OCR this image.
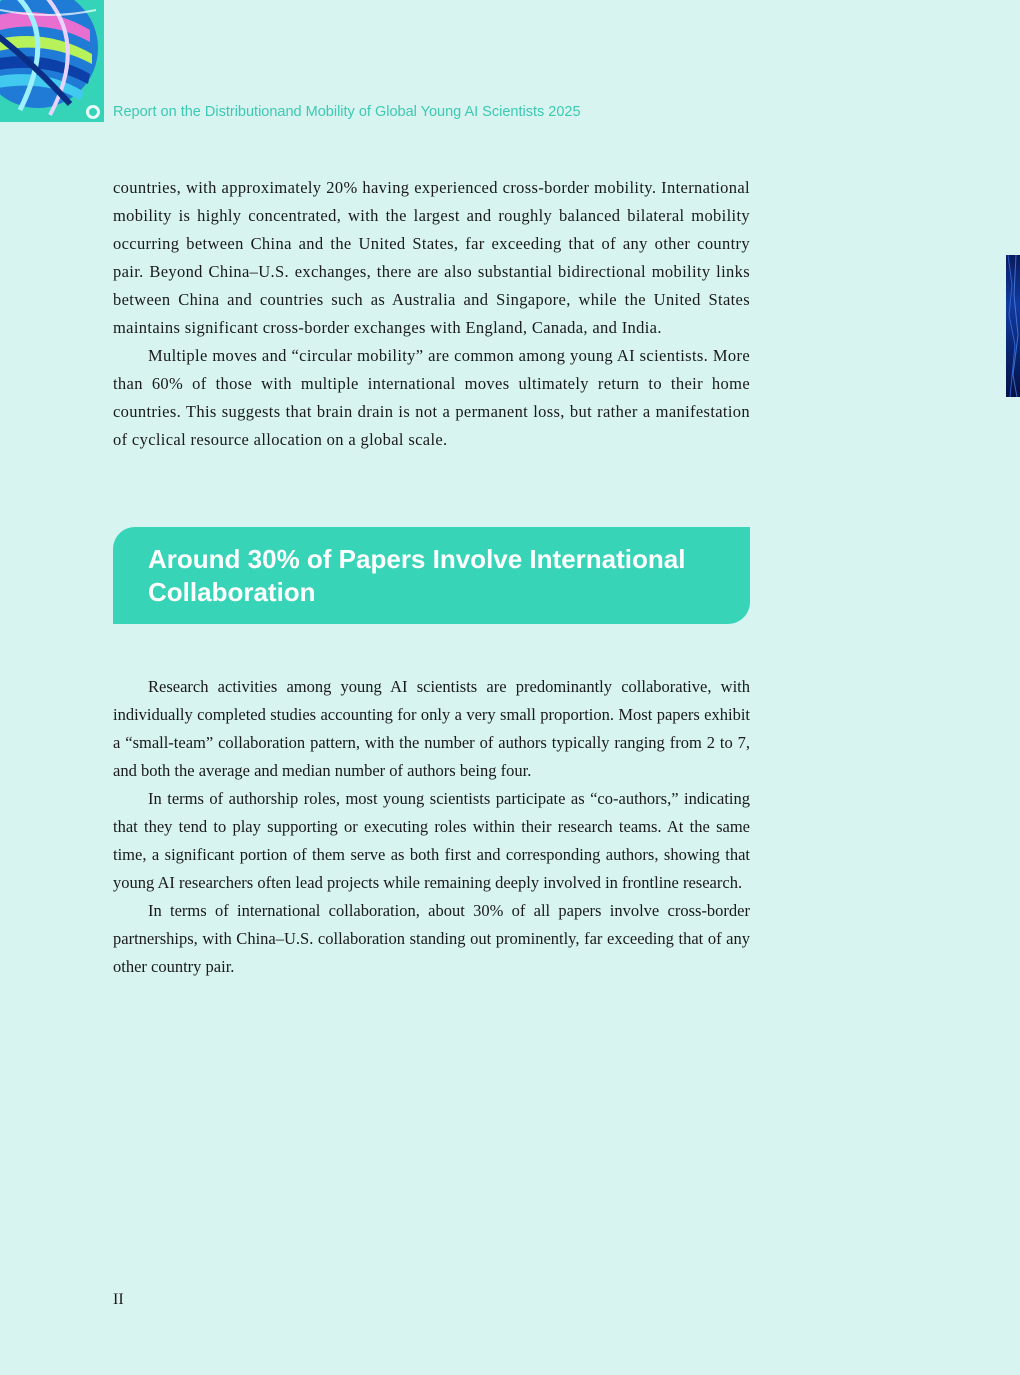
Report on the Distributionand Mobility of Global Young AI Scientists 2025

countries, with approximately 20% having experienced cross-border mobility. International mobility is highly concentrated, with the largest and roughly balanced bilateral mobility occurring between China and the United States, far exceeding that of any other country pair. Beyond China–U.S. exchanges, there are also substantial bidirectional mobility links between China and countries such as Australia and Singapore, while the United States maintains significant cross-border exchanges with England, Canada, and India.

Multiple moves and “circular mobility” are common among young AI scientists. More than 60% of those with multiple international moves ultimately return to their home countries. This suggests that brain drain is not a permanent loss, but rather a manifestation of cyclical resource allocation on a global scale.

Around 30% of Papers Involve International Collaboration

Research activities among young AI scientists are predominantly collaborative, with individually completed studies accounting for only a very small proportion. Most papers exhibit a “small-team” collaboration pattern, with the number of authors typically ranging from 2 to 7, and both the average and median number of authors being four.

In terms of authorship roles, most young scientists participate as “co-authors,” indicating that they tend to play supporting or executing roles within their research teams. At the same time, a significant portion of them serve as both first and corresponding authors, showing that young AI researchers often lead projects while remaining deeply involved in frontline research.

In terms of international collaboration, about 30% of all papers involve cross-border partnerships, with China–U.S. collaboration standing out prominently, far exceeding that of any other country pair.

II
